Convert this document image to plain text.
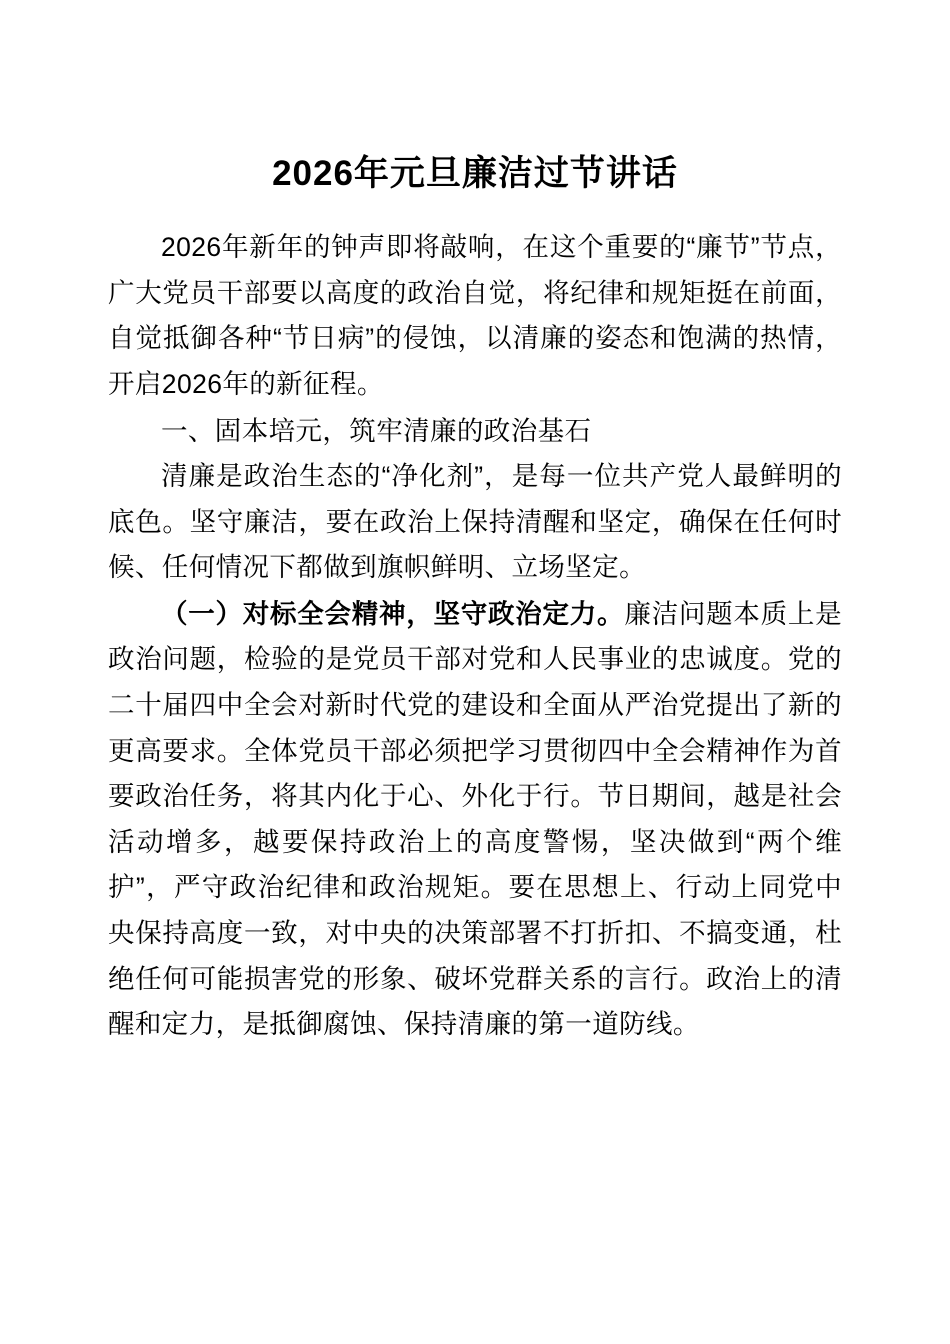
2026年元旦廉洁过节讲话

2026年新年的钟声即将敲响，在这个重要的“廉节”节点，广大党员干部要以高度的政治自觉，将纪律和规矩挺在前面，自觉抵御各种“节日病”的侵蚀，以清廉的姿态和饱满的热情，开启2026年的新征程。

一、固本培元，筑牢清廉的政治基石

清廉是政治生态的“净化剂”，是每一位共产党人最鲜明的底色。坚守廉洁，要在政治上保持清醒和坚定，确保在任何时候、任何情况下都做到旗帜鲜明、立场坚定。

（一）对标全会精神，坚守政治定力。廉洁问题本质上是政治问题，检验的是党员干部对党和人民事业的忠诚度。党的二十届四中全会对新时代党的建设和全面从严治党提出了新的更高要求。全体党员干部必须把学习贯彻四中全会精神作为首要政治任务，将其内化于心、外化于行。节日期间，越是社会活动增多，越要保持政治上的高度警惕，坚决做到“两个维护”，严守政治纪律和政治规矩。要在思想上、行动上同党中央保持高度一致，对中央的决策部署不打折扣、不搞变通，杜绝任何可能损害党的形象、破坏党群关系的言行。政治上的清醒和定力，是抵御腐蚀、保持清廉的第一道防线。
